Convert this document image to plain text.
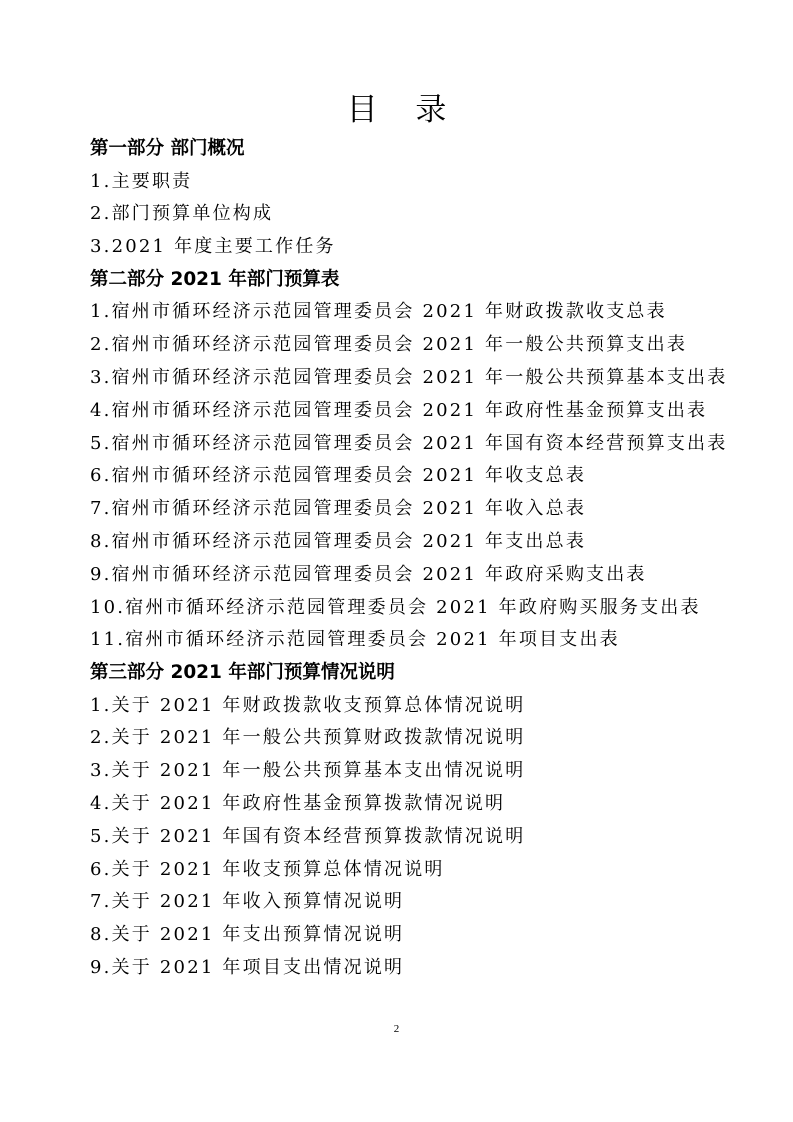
目 录
第一部分 部门概况
1.主要职责
2.部门预算单位构成
3.2021 年度主要工作任务
第二部分 2021 年部门预算表
1.宿州市循环经济示范园管理委员会 2021 年财政拨款收支总表
2.宿州市循环经济示范园管理委员会 2021 年一般公共预算支出表
3.宿州市循环经济示范园管理委员会 2021 年一般公共预算基本支出表
4.宿州市循环经济示范园管理委员会 2021 年政府性基金预算支出表
5.宿州市循环经济示范园管理委员会 2021 年国有资本经营预算支出表
6.宿州市循环经济示范园管理委员会 2021 年收支总表
7.宿州市循环经济示范园管理委员会 2021 年收入总表
8.宿州市循环经济示范园管理委员会 2021 年支出总表
9.宿州市循环经济示范园管理委员会 2021 年政府采购支出表
10.宿州市循环经济示范园管理委员会 2021 年政府购买服务支出表
11.宿州市循环经济示范园管理委员会 2021 年项目支出表
第三部分 2021 年部门预算情况说明
1.关于 2021 年财政拨款收支预算总体情况说明
2.关于 2021 年一般公共预算财政拨款情况说明
3.关于 2021 年一般公共预算基本支出情况说明
4.关于 2021 年政府性基金预算拨款情况说明
5.关于 2021 年国有资本经营预算拨款情况说明
6.关于 2021 年收支预算总体情况说明
7.关于 2021 年收入预算情况说明
8.关于 2021 年支出预算情况说明
9.关于 2021 年项目支出情况说明
2
